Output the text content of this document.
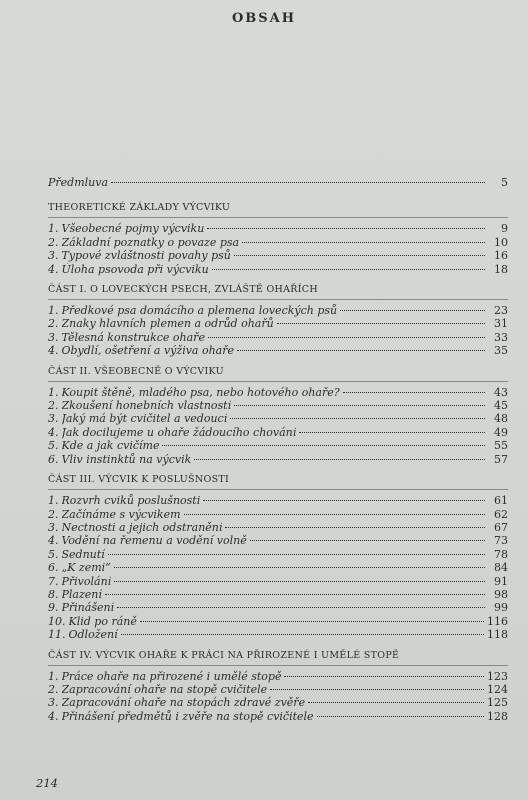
OBSAH
Předmluva	5
THEORETICKÉ ZÁKLADY VÝCVIKU
1. Všeobecné pojmy výcviku	9
2. Základní poznatky o povaze psa	10
3. Typové zvláštnosti povahy psů	16
4. Úloha psovoda při výcviku	18
ČÁST I. O LOVECKÝCH PSECH, ZVLÁŠTĚ OHAŘÍCH
1. Předkové psa domácího a plemena loveckých psů	23
2. Znaky hlavních plemen a odrůd ohařů	31
3. Tělesná konstrukce ohaře	33
4. Obydlí, ošetření a výživa ohaře	35
ČÁST II. VŠEOBECNĚ O VÝCVIKU
1. Koupit štěně, mladého psa, nebo hotového ohaře?	43
2. Zkoušení honebních vlastností	45
3. Jaký má být cvičitel a vedoucí	48
4. Jak docilujeme u ohaře žádoucího chování	49
5. Kde a jak cvičíme	55
6. Vliv instinktů na výcvik	57
ČÁST III. VÝCVIK K POSLUŠNOSTI
1. Rozvrh cviků poslušnosti	61
2. Začínáme s výcvikem	62
3. Nectnosti a jejich odstranění	67
4. Vodění na řemenu a vodění volně	73
5. Sednutí	78
6. „K zemi“	84
7. Přivolání	91
8. Plazení	98
9. Přinášení	99
10. Klid po ráně	116
11. Odložení	118
ČÁST IV. VÝCVIK OHAŘE K PRÁCI NA PŘIROZENÉ I UMĚLÉ STOPĚ
1. Práce ohaře na přirozené i umělé stopě	123
2. Zapracování ohaře na stopě cvičitele	124
3. Zapracování ohaře na stopách zdravé zvěře	125
4. Přinášení předmětů i zvěře na stopě cvičitele	128
214
